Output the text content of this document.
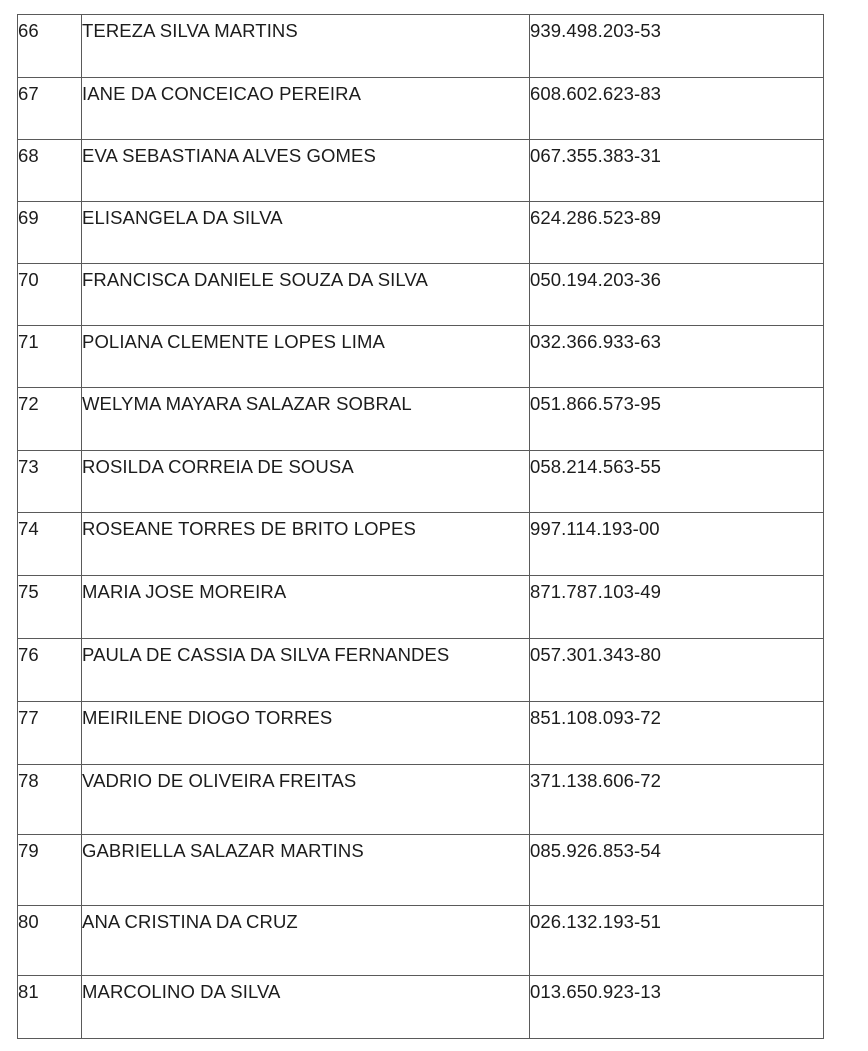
66	TEREZA SILVA MARTINS	939.498.203-53
67	IANE DA CONCEICAO PEREIRA	608.602.623-83
68	EVA SEBASTIANA ALVES GOMES	067.355.383-31
69	ELISANGELA DA SILVA	624.286.523-89
70	FRANCISCA DANIELE SOUZA DA SILVA	050.194.203-36
71	POLIANA CLEMENTE LOPES LIMA	032.366.933-63
72	WELYMA MAYARA SALAZAR SOBRAL	051.866.573-95
73	ROSILDA CORREIA DE SOUSA	058.214.563-55
74	ROSEANE TORRES DE BRITO LOPES	997.114.193-00
75	MARIA JOSE MOREIRA	871.787.103-49
76	PAULA DE CASSIA DA SILVA FERNANDES	057.301.343-80
77	MEIRILENE DIOGO TORRES	851.108.093-72
78	VADRIO DE OLIVEIRA FREITAS	371.138.606-72
79	GABRIELLA SALAZAR MARTINS	085.926.853-54
80	ANA CRISTINA DA CRUZ	026.132.193-51
81	MARCOLINO DA SILVA	013.650.923-13
